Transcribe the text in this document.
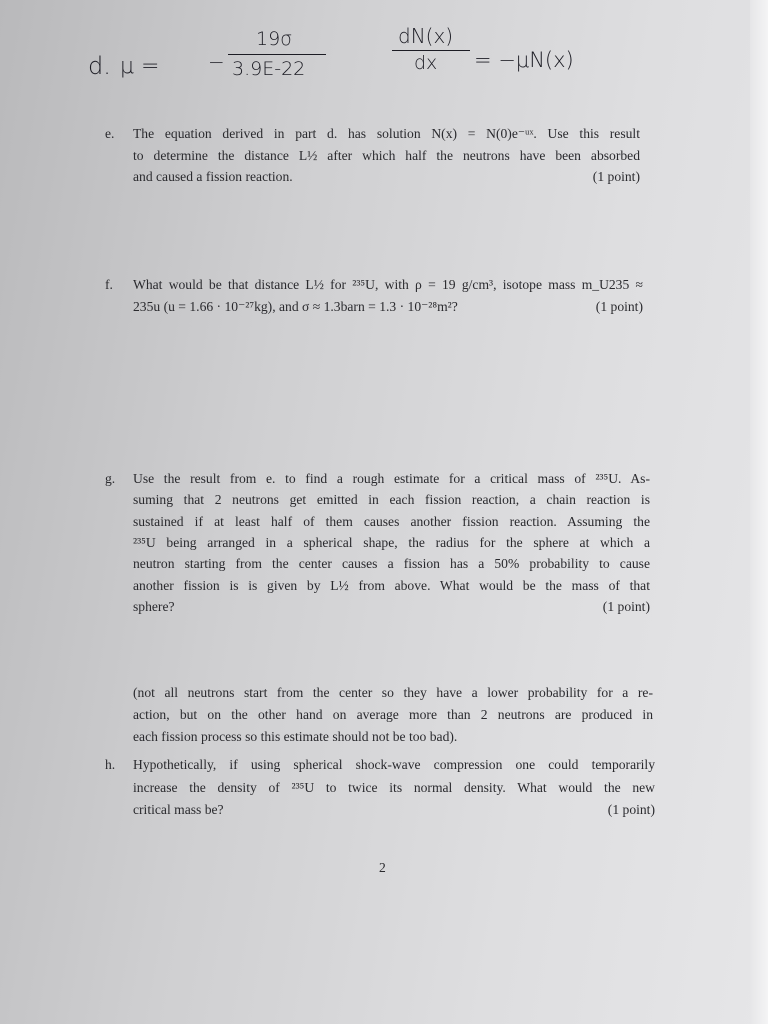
d. μ = −
19σ
3.9E-22
dN(x)
dx = −μN(x)
e. The equation derived in part d. has solution N(x) = N(0)e⁻ᵘˣ. Use this result
to determine the distance L½ after which half the neutrons have been absorbed
and caused a fission reaction.	(1 point)
f. What would be that distance L½ for ²³⁵U, with ρ = 19 g/cm³, isotope mass m_U235 ≈
235u (u = 1.66 · 10⁻²⁷kg), and σ ≈ 1.3barn = 1.3 · 10⁻²⁸m²?	(1 point)
g. Use the result from e. to find a rough estimate for a critical mass of ²³⁵U. As-
suming that 2 neutrons get emitted in each fission reaction, a chain reaction is
sustained if at least half of them causes another fission reaction. Assuming the
²³⁵U being arranged in a spherical shape, the radius for the sphere at which a
neutron starting from the center causes a fission has a 50% probability to cause
another fission is is given by L½ from above. What would be the mass of that
sphere?	(1 point)
(not all neutrons start from the center so they have a lower probability for a re-
action, but on the other hand on average more than 2 neutrons are produced in
each fission process so this estimate should not be too bad).
h. Hypothetically, if using spherical shock-wave compression one could temporarily
increase the density of ²³⁵U to twice its normal density. What would the new
critical mass be?	(1 point)
2
